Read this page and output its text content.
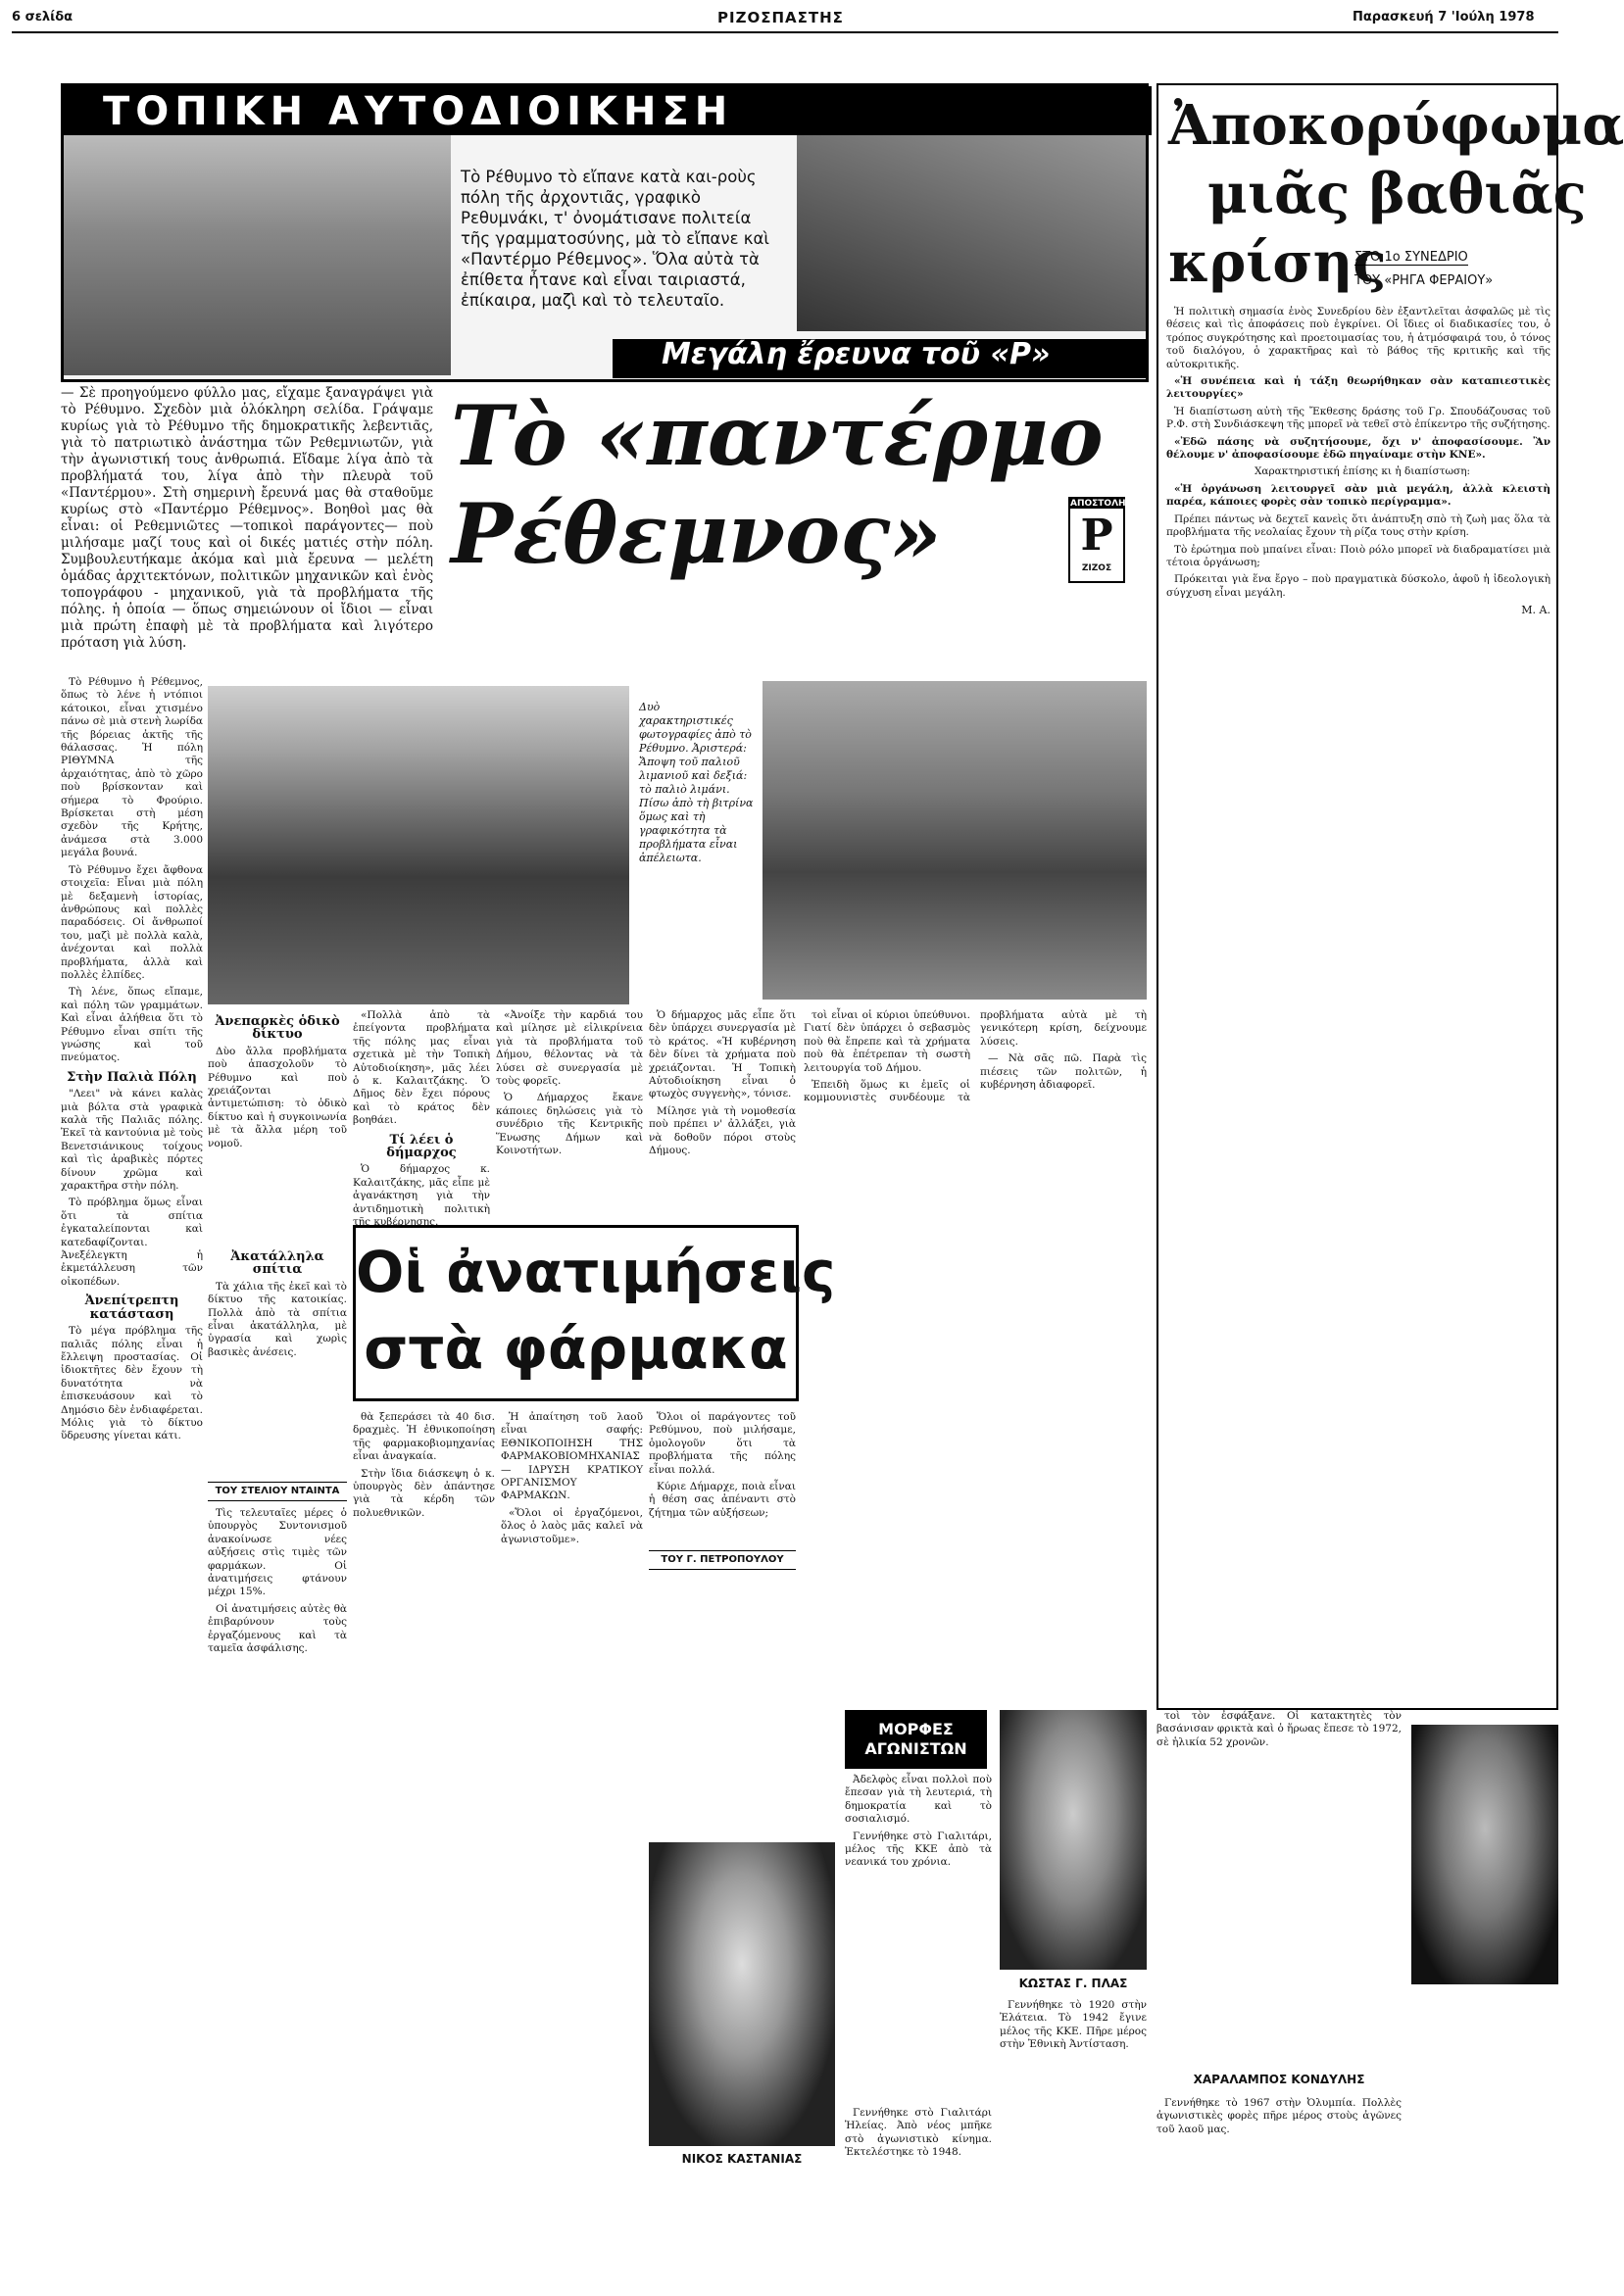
6 σελίδα	ΡΙΖΟΣΠΑΣΤΗΣ	Παρασκευή 7 'Ιούλη 1978
ΤΟΠΙΚΗ ΑΥΤΟΔΙΟΙΚΗΣΗ
Τὸ Ρέθυμνο τὸ εἴπανε κατὰ και-ροὺς πόλη τῆς ἀρχοντιᾶς, γραφικὸ Ρεθυμνάκι, τ' ὀνομάτισανε πολιτεία τῆς γραμματοσύνης, μὰ τὸ εἴπανε καὶ «Παντέρμο Ρέθεμνος». Ὅλα αὐτὰ τὰ ἐπίθετα ἦτανε καὶ εἶναι ταιριαστά, ἐπίκαιρα, μαζὶ καὶ τὸ τελευταῖο.
Μεγάλη ἔρευνα τοῦ «Ρ»
— Σὲ προηγούμενο φύλλο μας, εἴχαμε ξαναγράψει γιὰ τὸ Ρέθυμνο. Σχεδὸν μιὰ ὁλόκληρη σελίδα. Γράψαμε κυρίως γιὰ τὸ Ρέθυμνο τῆς δημοκρατικῆς λεβεντιᾶς, γιὰ τὸ πατριωτικὸ ἀνάστημα τῶν Ρεθεμνιωτῶν, γιὰ τὴν ἀγωνιστική τους ἀνθρωπιά. Εἴδαμε λίγα ἀπὸ τὰ προβλήματά του, λίγα ἀπὸ τὴν πλευρὰ τοῦ «Παντέρμου». Στὴ σημερινὴ ἔρευνά μας θὰ σταθοῦμε κυρίως στὸ «Παντέρμο Ρέθεμνος». Βοηθοὶ μας θὰ εἶναι: οἱ Ρεθεμνιῶτες —τοπικοὶ παράγοντες— ποὺ μιλήσαμε μαζί τους καὶ οἱ δικές ματιές στὴν πόλη. Συμβουλευτήκαμε ἀκόμα καὶ μιὰ ἔρευνα — μελέτη ὁμάδας ἀρχιτεκτόνων, πολιτικῶν μηχανικῶν καὶ ἑνὸς τοπογράφου - μηχανικοῦ, γιὰ τὰ προβλήματα τῆς πόλης. ἡ ὁποία — ὅπως σημειώνουν οἱ ἴδιοι — εἶναι μιὰ πρώτη ἐπαφὴ μὲ τὰ προβλήματα καὶ λιγότερο πρόταση γιὰ λύση.
Τὸ «παντέρμο
Ρέθεμνος»	ΑΠΟΣΤΟΛΗ
Ρ
ΖΙΖΟΣ
Δυὸ χαρακτηριστικές φωτογραφίες ἀπὸ τὸ Ρέθυμνο. Ἀριστερά: Ἄποψη τοῦ παλιοῦ λιμανιοῦ καὶ δεξιά: τὸ παλιὸ λιμάνι. Πίσω ἀπὸ τὴ βιτρίνα ὅμως καὶ τὴ γραφικότητα τὰ προβλήματα εἶναι ἀπέλειωτα.

Τὸ Ρέθυμνο ἡ Ρέθεμνος, ὅπως τὸ λένε ἡ ντόπιοι κάτοικοι, εἶναι χτισμένο πάνω σὲ μιὰ στενὴ λωρίδα τῆς βόρειας ἀκτῆς τῆς θάλασσας. Ἡ πόλη ΡΙΘΥΜΝΑ τῆς ἀρχαιότητας, ἀπὸ τὸ χῶρο ποὺ βρίσκονταν καὶ σήμερα τὸ Φρούριο. Βρίσκεται στὴ μέση σχεδὸν τῆς Κρήτης, ἀνάμεσα στὰ 3.000 μεγάλα βουνά.

Τὸ Ρέθυμνο ἔχει ἄφθονα στοιχεῖα: Εἶναι μιὰ πόλη μὲ δεξαμενὴ ἱστορίας, ἀνθρώπους καὶ πολλὲς παραδόσεις. Οἱ ἄνθρωποί του, μαζὶ μὲ πολλὰ καλὰ, ἀνέχονται καὶ πολλὰ προβλήματα, ἀλλὰ καὶ πολλὲς ἐλπίδες.

Τὴ λένε, ὅπως εἴπαμε, καὶ πόλη τῶν γραμμάτων. Καὶ εἶναι ἀλήθεια ὅτι τὸ Ρέθυμνο εἶναι σπίτι τῆς γνώσης καὶ τοῦ πνεύματος.

Στὴν Παλιὰ Πόλη

"Λεει" νὰ κάνει καλὰς μιὰ βόλτα στὰ γραφικὰ καλὰ τῆς Παλιᾶς πόλης. Ἐκεῖ τὰ καντούνια μὲ τοὺς Βενετσιάνικους τοίχους καὶ τὶς ἀραβικὲς πόρτες δίνουν χρῶμα καὶ χαρακτῆρα στὴν πόλη.

Τὸ πρόβλημα ὅμως εἶναι ὅτι τὰ σπίτια ἐγκαταλείπονται καὶ κατεδαφίζονται. Ἀνεξέλεγκτη ἡ ἐκμετάλλευση τῶν οἰκοπέδων.

Ἀνεπίτρεπτη κατάσταση

Τὸ μέγα πρόβλημα τῆς παλιᾶς πόλης εἶναι ἡ ἔλλειψη προστασίας. Οἱ ἰδιοκτῆτες δὲν ἔχουν τὴ δυνατότητα νὰ ἐπισκευάσουν καὶ τὸ Δημόσιο δὲν ἐνδιαφέρεται. Μόλις γιὰ τὸ δίκτυο ὕδρευσης γίνεται κάτι.

Ἀνεπαρκὲς ὁδικὸ δίκτυο

Δὺο ἄλλα προβλήματα ποὺ ἀπασχολοῦν τὸ Ρέθυμνο καὶ ποὺ χρειάζονται ἀντιμετώπιση: τὸ ὁδικὸ δίκτυο καὶ ἡ συγκοινωνία μὲ τὰ ἄλλα μέρη τοῦ νομοῦ.

Ἀκατάλληλα σπίτια

Τὰ χάλια τῆς ἐκεῖ καὶ τὸ δίκτυο τῆς κατοικίας. Πολλὰ ἀπὸ τὰ σπίτια εἶναι ἀκατάλληλα, μὲ ὑγρασία καὶ χωρὶς βασικὲς ἀνέσεις.

«Πολλὰ ἀπὸ τὰ ἐπείγοντα προβλήματα τῆς πόλης μας εἶναι σχετικὰ μὲ τὴν Τοπικὴ Αὐτοδιοίκηση», μᾶς λέει ὁ κ. Καλαιτζάκης. Ὁ Δῆμος δὲν ἔχει πόρους καὶ τὸ κράτος δὲν βοηθάει.

Τί λέει ὁ δήμαρχος

Ὁ δήμαρχος κ. Καλαιτζάκης, μᾶς εἶπε μὲ ἀγανάκτηση γιὰ τὴν ἀντιδημοτικὴ πολιτικὴ τῆς κυβέρνησης.

«Ἀνοίξε τὴν καρδιά του καὶ μίλησε μὲ εἰλικρίνεια γιὰ τὰ προβλήματα τοῦ Δήμου, θέλοντας νὰ τὰ λύσει σὲ συνεργασία μὲ τοὺς φορεῖς.

Ὁ Δήμαρχος ἔκανε κάποιες δηλώσεις γιὰ τὸ συνέδριο τῆς Κεντρικῆς Ἕνωσης Δήμων καὶ Κοινοτήτων.

Ὁ δήμαρχος μᾶς εἶπε ὅτι δὲν ὑπάρχει συνεργασία μὲ τὸ κράτος. «Ἡ κυβέρνηση δὲν δίνει τὰ χρήματα ποὺ χρειάζονται. Ἡ Τοπικὴ Αὐτοδιοίκηση εἶναι ὁ φτωχὸς συγγενὴς», τόνισε.

Μίλησε γιὰ τὴ νομοθεσία ποὺ πρέπει ν' ἀλλάξει, γιὰ νὰ δοθοῦν πόροι στοὺς Δήμους.

τοὶ εἶναι οἱ κύριοι ὑπεύθυνοι. Γιατί δὲν ὑπάρχει ὁ σεβασμὸς ποὺ θὰ ἔπρεπε καὶ τὰ χρήματα ποὺ θὰ ἐπέτρεπαν τὴ σωστὴ λειτουργία τοῦ Δήμου.

Ἐπειδὴ ὅμως κι ἐμεῖς οἱ κομμουνιστὲς συνδέουμε τὰ προβλήματα αὐτὰ μὲ τὴ γενικότερη κρίση, δείχνουμε λύσεις.

— Νὰ σᾶς πῶ. Παρὰ τὶς πιέσεις τῶν πολιτῶν, ἡ κυβέρνηση ἀδιαφορεῖ.

Οἱ ἀνατιμήσεις
στὰ φάρμακα
ΤΟΥ ΣΤΕΛΙΟΥ ΝΤΑΙΝΤΑ
ΤΟΥ Γ. ΠΕΤΡΟΠΟΥΛΟΥ

Τὶς τελευταῖες μέρες ὁ ὑπουργὸς Συντονισμοῦ ἀνακοίνωσε νέες αὐξήσεις στὶς τιμὲς τῶν φαρμάκων. Οἱ ἀνατιμήσεις φτάνουν μέχρι 15%.

Οἱ ἀνατιμήσεις αὐτὲς θὰ ἐπιβαρύνουν τοὺς ἐργαζόμενους καὶ τὰ ταμεῖα ἀσφάλισης.

θὰ ξεπεράσει τὰ 40 δισ. δραχμὲς. Ἡ ἐθνικοποίηση τῆς φαρμακοβιομηχανίας εἶναι ἀναγκαία.

Στὴν ἴδια διάσκεψη ὁ κ. ὑπουργὸς δὲν ἀπάντησε γιὰ τὰ κέρδη τῶν πολυεθνικῶν.

Ἡ ἀπαίτηση τοῦ λαοῦ εἶναι σαφής: ΕΘΝΙΚΟΠΟΙΗΣΗ ΤΗΣ ΦΑΡΜΑΚΟΒΙΟΜΗΧΑΝΙΑΣ — ΙΔΡΥΣΗ ΚΡΑΤΙΚΟΥ ΟΡΓΑΝΙΣΜΟΥ ΦΑΡΜΑΚΩΝ.

«Ὅλοι οἱ ἐργαζόμενοι, ὅλος ὁ λαὸς μᾶς καλεῖ νὰ ἀγωνιστοῦμε».

Ὅλοι οἱ παράγοντες τοῦ Ρεθύμνου, ποὺ μιλήσαμε, ὁμολογοῦν ὅτι τὰ προβλήματα τῆς πόλης εἶναι πολλά.

Κύριε Δήμαρχε, ποιὰ εἶναι ἡ θέση σας ἀπέναντι στὸ ζήτημα τῶν αὐξήσεων;

ΜΟΡΦΕΣ ΑΓΩΝΙΣΤΩΝ

Ἀδελφὸς εἶναι πολλοὶ ποὺ ἔπεσαν γιὰ τὴ λευτεριά, τὴ δημοκρατία καὶ τὸ σοσιαλισμό.

Γεννήθηκε στὸ Γιαλιτάρι, μέλος τῆς ΚΚΕ ἀπὸ τὰ νεανικά του χρόνια.

ΝΙΚΟΣ ΚΑΣΤΑΝΙΑΣ

Γεννήθηκε στὸ Γιαλιτάρι Ἡλείας. Ἀπὸ νέος μπῆκε στὸ ἀγωνιστικὸ κίνημα. Ἐκτελέστηκε τὸ 1948.

ΚΩΣΤΑΣ Γ. ΠΛΑΣ

Γεννήθηκε τὸ 1920 στὴν Ἐλάτεια. Τὸ 1942 ἔγινε μέλος τῆς ΚΚΕ. Πῆρε μέρος στὴν Ἐθνικὴ Ἀντίσταση.

τοὶ τὸν ἐσφάξανε. Οἱ κατακτητὲς τὸν βασάνισαν φρικτὰ καὶ ὁ ἥρωας ἔπεσε τὸ 1972, σὲ ἡλικία 52 χρονῶν.

ΧΑΡΑΛΑΜΠΟΣ ΚΟΝΔΥΛΗΣ

Γεννήθηκε τὸ 1967 στὴν Ὀλυμπία. Πολλὲς ἀγωνιστικὲς φορὲς πῆρε μέρος στοὺς ἀγῶνες τοῦ λαοῦ μας.

Ἀποκορύφωμα
μιᾶς βαθιᾶς
κρίσης
ΣΤΟ 1ο ΣΥΝΕΔΡΙΟ
ΤΟΥ «ΡΗΓΑ ΦΕΡΑΙΟΥ»

Ἡ πολιτικὴ σημασία ἑνὸς Συνεδρίου δὲν ἐξαντλεῖται ἀσφαλῶς μὲ τὶς θέσεις καὶ τὶς ἀποφάσεις ποὺ ἐγκρίνει. Οἱ ἴδιες οἱ διαδικασίες του, ὁ τρόπος συγκρότησης καὶ προετοιμασίας του, ἡ ἀτμόσφαιρά του, ὁ τόνος τοῦ διαλόγου, ὁ χαρακτῆρας καὶ τὸ βάθος τῆς κριτικῆς καὶ τῆς αὐτοκριτικῆς.

«Ἡ συνέπεια καὶ ἡ τάξη θεωρήθηκαν σὰν καταπιεστικὲς λειτουργίες»

Ἡ διαπίστωση αὐτὴ τῆς Ἔκθεσης δράσης τοῦ Γρ. Σπουδάζουσας τοῦ Ρ.Φ. στὴ Συνδιάσκεψη τῆς μπορεῖ νὰ τεθεῖ στὸ ἐπίκεντρο τῆς συζήτησης.

«Ἐδῶ πάσης νὰ συζητήσουμε, ὄχι ν' ἀποφασίσουμε. Ἂν θέλουμε ν' ἀποφασίσουμε ἐδῶ πηγαίναμε στὴν ΚΝΕ».

Χαρακτηριστική ἐπίσης κι ἡ διαπίστωση:

«Ἡ ὀργάνωση λειτουργεῖ σὰν μιὰ μεγάλη, ἀλλὰ κλειστὴ παρέα, κάποιες φορὲς σὰν τοπικὸ περίγραμμα».

Πρέπει πάντως νὰ δεχτεῖ κανεὶς ὅτι ἀνάπτυξη σπὸ τὴ ζωὴ μας ὅλα τὰ προβλήματα τῆς νεολαίας ἔχουν τὴ ρίζα τους στὴν κρίση.

Τὸ ἐρώτημα ποὺ μπαίνει εἶναι: Ποιὸ ρόλο μπορεῖ νὰ διαδραματίσει μιὰ τέτοια ὀργάνωση;

Πρόκειται γιὰ ἕνα ἔργο – ποὺ πραγματικὰ δύσκολο, ἀφοῦ ἡ ἰδεολογικὴ σύγχυση εἶναι μεγάλη.

Μ. Α.
